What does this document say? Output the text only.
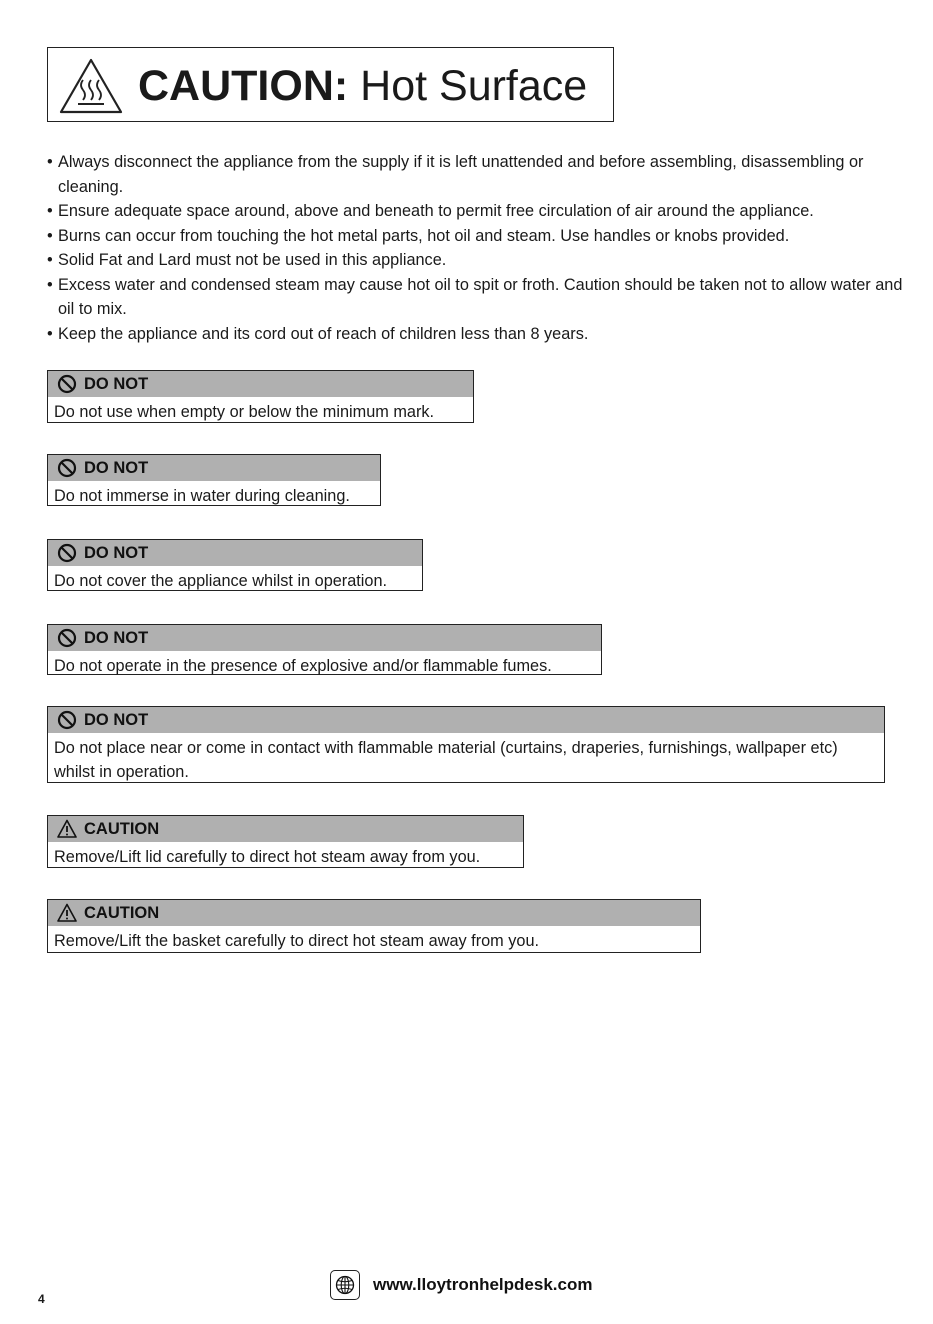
CAUTION: Hot Surface
• Always disconnect the appliance from the supply if it is left unattended and before assembling, disassembling or cleaning.
• Ensure adequate space around, above and beneath to permit free circulation of air around the appliance.
• Burns can occur from touching the hot metal parts, hot oil and steam. Use handles or knobs provided.
• Solid Fat and Lard must not be used in this appliance.
• Excess water and condensed steam may cause hot oil to spit or froth. Caution should be taken not to allow water and oil to mix.
• Keep the appliance and its cord out of reach of children less than 8 years.
DO NOT
Do not use when empty or below the minimum mark.
DO NOT
Do not immerse in water during cleaning.
DO NOT
Do not cover the appliance whilst in operation.
DO NOT
Do not operate in the presence of explosive and/or flammable fumes.
DO NOT
Do not place near or come in contact with flammable material (curtains, draperies, furnishings, wallpaper etc) whilst in operation.
CAUTION
Remove/Lift lid carefully to direct hot steam away from you.
CAUTION
Remove/Lift the basket carefully to direct hot steam away from you.
www.lloytronhelpdesk.com
4
